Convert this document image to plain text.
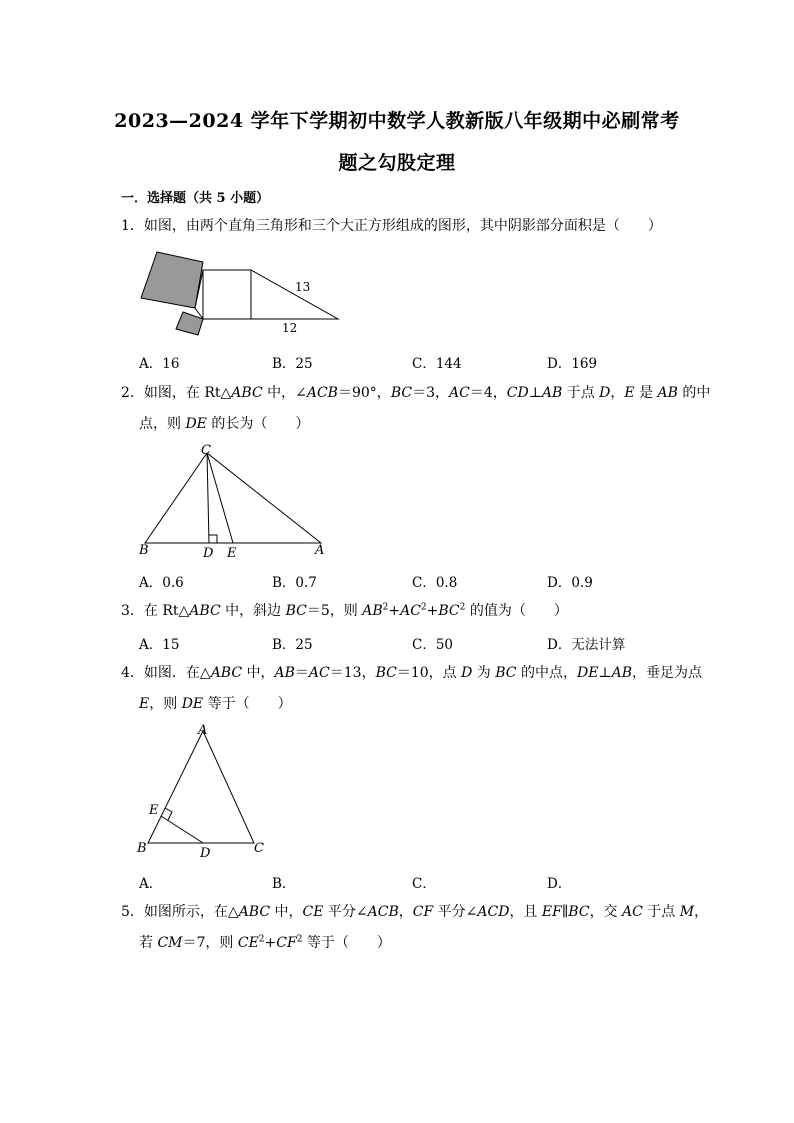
2023—2024 学年下学期初中数学人教新版八年级期中必刷常考
题之勾股定理
一．选择题（共 5 小题）
1．如图，由两个直角三角形和三个大正方形组成的图形，其中阴影部分面积是（　　）
13
12
A．16	B．25	C．144	D．169
2．如图，在 Rt△ABC 中，∠ACB＝90°，BC＝3，AC＝4，CD⊥AB 于点 D，E 是 AB 的中
点，则 DE 的长为（　　）
C
B	D E	A
A．0.6	B．0.7	C．0.8	D．0.9
3．在 Rt△ABC 中，斜边 BC＝5，则 $AB^2+AC^2+BC^2$ 的值为（　　）
A．15	B．25	C．50	D．无法计算
4．如图．在△ABC 中，AB＝AC＝13，BC＝10，点 D 为 BC 的中点，DE⊥AB，垂足为点
E，则 DE 等于（　　）
A
E
B	D	C
A．	B．	C．	D．
5．如图所示，在△ABC 中，CE 平分∠ACB，CF 平分∠ACD，且 EF∥BC，交 AC 于点 M，
若 CM＝7，则 $CE^2+CF^2$ 等于（　　）
